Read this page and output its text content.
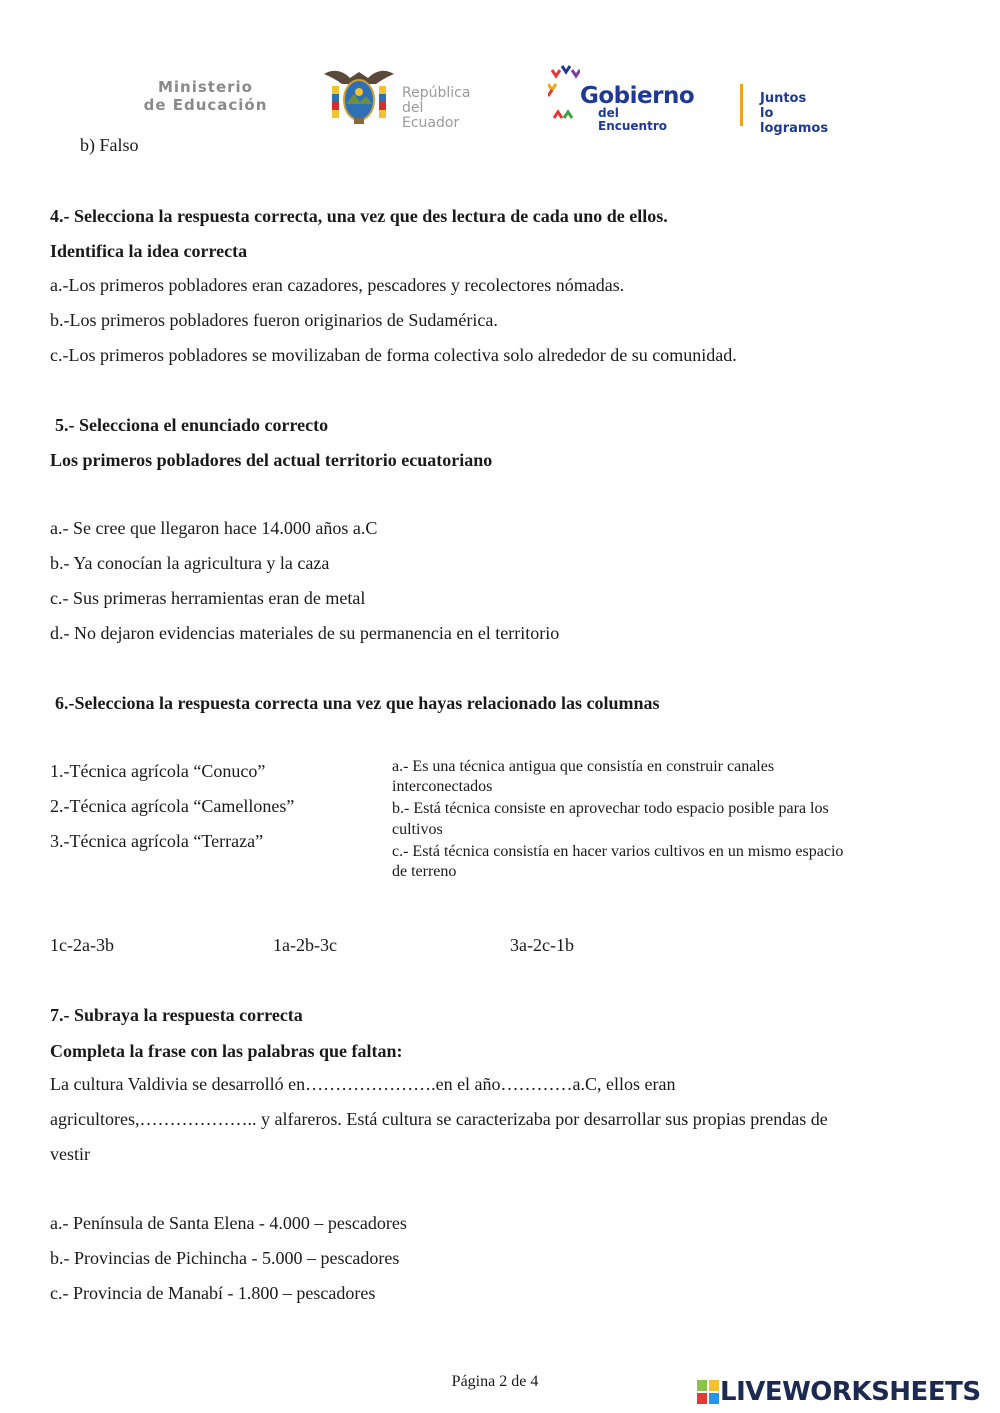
Ministerio
de Educación
República
del Ecuador
Gobierno
del Encuentro
Juntos
lo logramos
b) Falso
4.- Selecciona la respuesta correcta, una vez que des lectura de cada uno de ellos.
Identifica la idea correcta
a.-Los primeros pobladores eran cazadores, pescadores y recolectores nómadas.
b.-Los primeros pobladores fueron originarios de Sudamérica.
c.-Los primeros pobladores se movilizaban de forma colectiva solo alrededor de su comunidad.
5.- Selecciona el enunciado correcto
Los primeros pobladores del actual territorio ecuatoriano
a.- Se cree que llegaron hace 14.000 años a.C
b.- Ya conocían la agricultura y la caza
c.- Sus primeras herramientas eran de metal
d.- No dejaron evidencias materiales de su permanencia en el territorio
6.-Selecciona la respuesta correcta una vez que hayas relacionado las columnas
1.-Técnica agrícola “Conuco”
2.-Técnica agrícola “Camellones”
3.-Técnica agrícola “Terraza”
a.- Es una técnica antigua que consistía en construir canales
interconectados
b.- Está técnica consiste en aprovechar todo espacio posible para los
cultivos
c.- Está técnica consistía en hacer varios cultivos en un mismo espacio
de terreno
1c-2a-3b	1a-2b-3c	3a-2c-1b
7.- Subraya la respuesta correcta
Completa la frase con las palabras que faltan:
La cultura Valdivia se desarrolló en………………….en el año…………a.C, ellos eran
agricultores,……………….. y alfareros. Está cultura se caracterizaba por desarrollar sus propias prendas de
vestir
a.- Península de Santa Elena - 4.000 – pescadores
b.- Provincias de Pichincha - 5.000 – pescadores
c.- Provincia de Manabí - 1.800 – pescadores
Página 2 de 4	LIVEWORKSHEETS
